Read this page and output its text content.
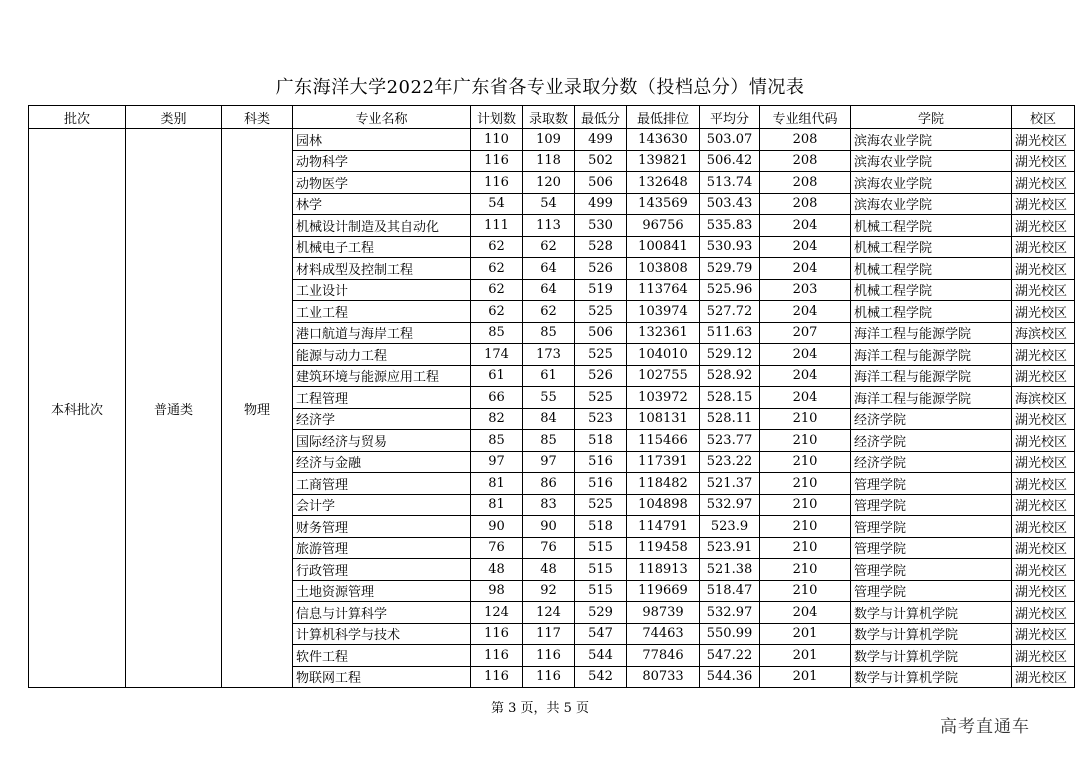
广东海洋大学2022年广东省各专业录取分数（投档总分）情况表
批次	类别	科类	专业名称	计划数	录取数	最低分	最低排位	平均分	专业组代码	学院	校区
本科批次	普通类	物理	园林	110	109	499	143630	503.07	208	滨海农业学院	湖光校区
			动物科学	116	118	502	139821	506.42	208	滨海农业学院	湖光校区
			动物医学	116	120	506	132648	513.74	208	滨海农业学院	湖光校区
			林学	54	54	499	143569	503.43	208	滨海农业学院	湖光校区
			机械设计制造及其自动化	111	113	530	96756	535.83	204	机械工程学院	湖光校区
			机械电子工程	62	62	528	100841	530.93	204	机械工程学院	湖光校区
			材料成型及控制工程	62	64	526	103808	529.79	204	机械工程学院	湖光校区
			工业设计	62	64	519	113764	525.96	203	机械工程学院	湖光校区
			工业工程	62	62	525	103974	527.72	204	机械工程学院	湖光校区
			港口航道与海岸工程	85	85	506	132361	511.63	207	海洋工程与能源学院	海滨校区
			能源与动力工程	174	173	525	104010	529.12	204	海洋工程与能源学院	湖光校区
			建筑环境与能源应用工程	61	61	526	102755	528.92	204	海洋工程与能源学院	湖光校区
			工程管理	66	55	525	103972	528.15	204	海洋工程与能源学院	海滨校区
			经济学	82	84	523	108131	528.11	210	经济学院	湖光校区
			国际经济与贸易	85	85	518	115466	523.77	210	经济学院	湖光校区
			经济与金融	97	97	516	117391	523.22	210	经济学院	湖光校区
			工商管理	81	86	516	118482	521.37	210	管理学院	湖光校区
			会计学	81	83	525	104898	532.97	210	管理学院	湖光校区
			财务管理	90	90	518	114791	523.9	210	管理学院	湖光校区
			旅游管理	76	76	515	119458	523.91	210	管理学院	湖光校区
			行政管理	48	48	515	118913	521.38	210	管理学院	湖光校区
			土地资源管理	98	92	515	119669	518.47	210	管理学院	湖光校区
			信息与计算科学	124	124	529	98739	532.97	204	数学与计算机学院	湖光校区
			计算机科学与技术	116	117	547	74463	550.99	201	数学与计算机学院	湖光校区
			软件工程	116	116	544	77846	547.22	201	数学与计算机学院	湖光校区
			物联网工程	116	116	542	80733	544.36	201	数学与计算机学院	湖光校区
第 3 页，共 5 页
高考直通车
